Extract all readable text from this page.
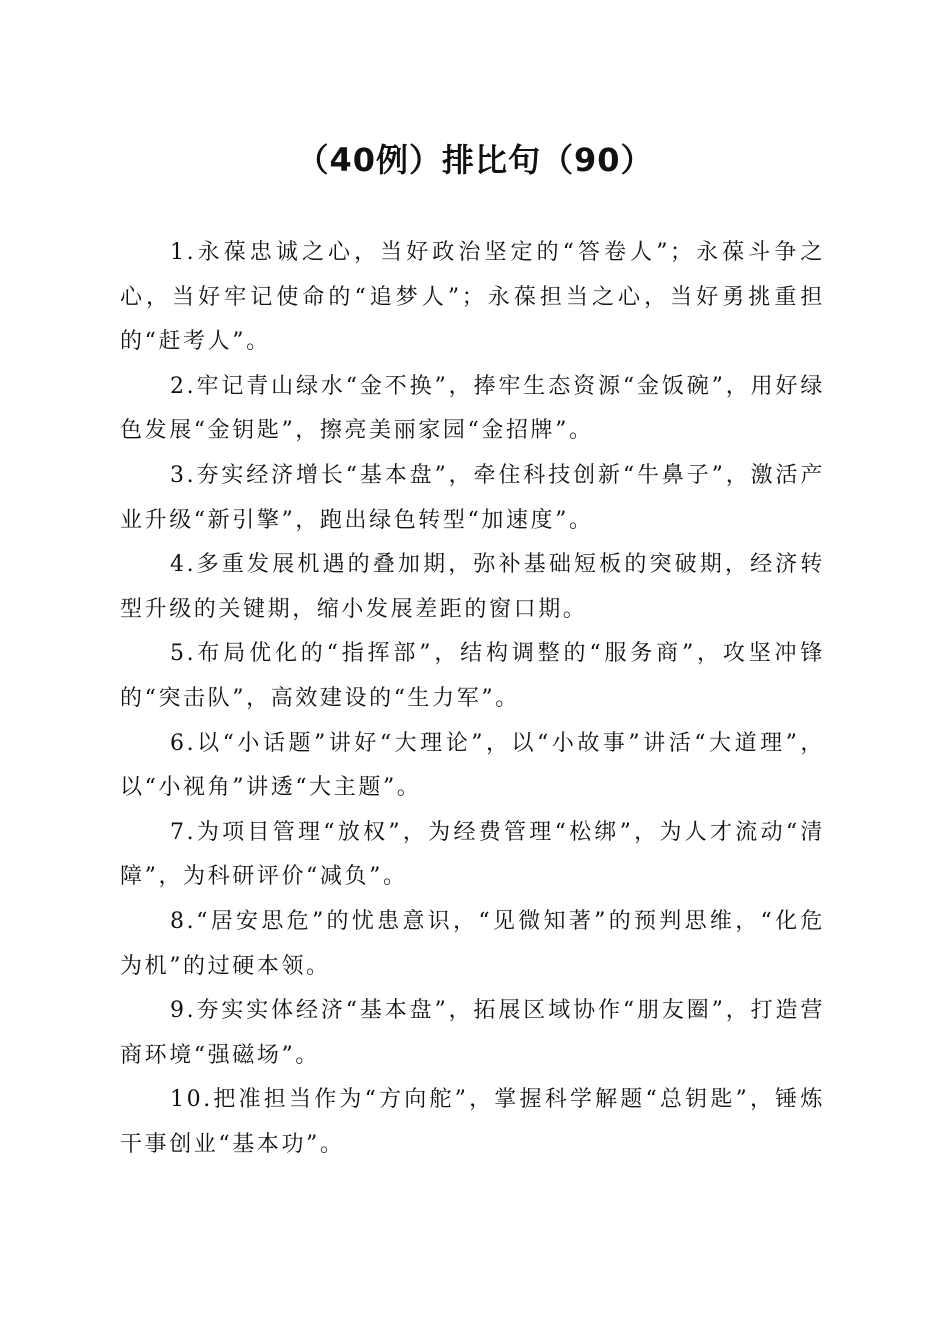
（40例）排比句（90）

1.永葆忠诚之心，当好政治坚定的“答卷人”；永葆斗争之心，当好牢记使命的“追梦人”；永葆担当之心，当好勇挑重担的“赶考人”。

2.牢记青山绿水“金不换”，捧牢生态资源“金饭碗”，用好绿色发展“金钥匙”，擦亮美丽家园“金招牌”。

3.夯实经济增长“基本盘”，牵住科技创新“牛鼻子”，激活产业升级“新引擎”，跑出绿色转型“加速度”。

4.多重发展机遇的叠加期，弥补基础短板的突破期，经济转型升级的关键期，缩小发展差距的窗口期。

5.布局优化的“指挥部”，结构调整的“服务商”，攻坚冲锋的“突击队”，高效建设的“生力军”。

6.以“小话题”讲好“大理论”，以“小故事”讲活“大道理”，以“小视角”讲透“大主题”。

7.为项目管理“放权”，为经费管理“松绑”，为人才流动“清障”，为科研评价“减负”。

8.“居安思危”的忧患意识，“见微知著”的预判思维，“化危为机”的过硬本领。

9.夯实实体经济“基本盘”，拓展区域协作“朋友圈”，打造营商环境“强磁场”。

10.把准担当作为“方向舵”，掌握科学解题“总钥匙”，锤炼干事创业“基本功”。
